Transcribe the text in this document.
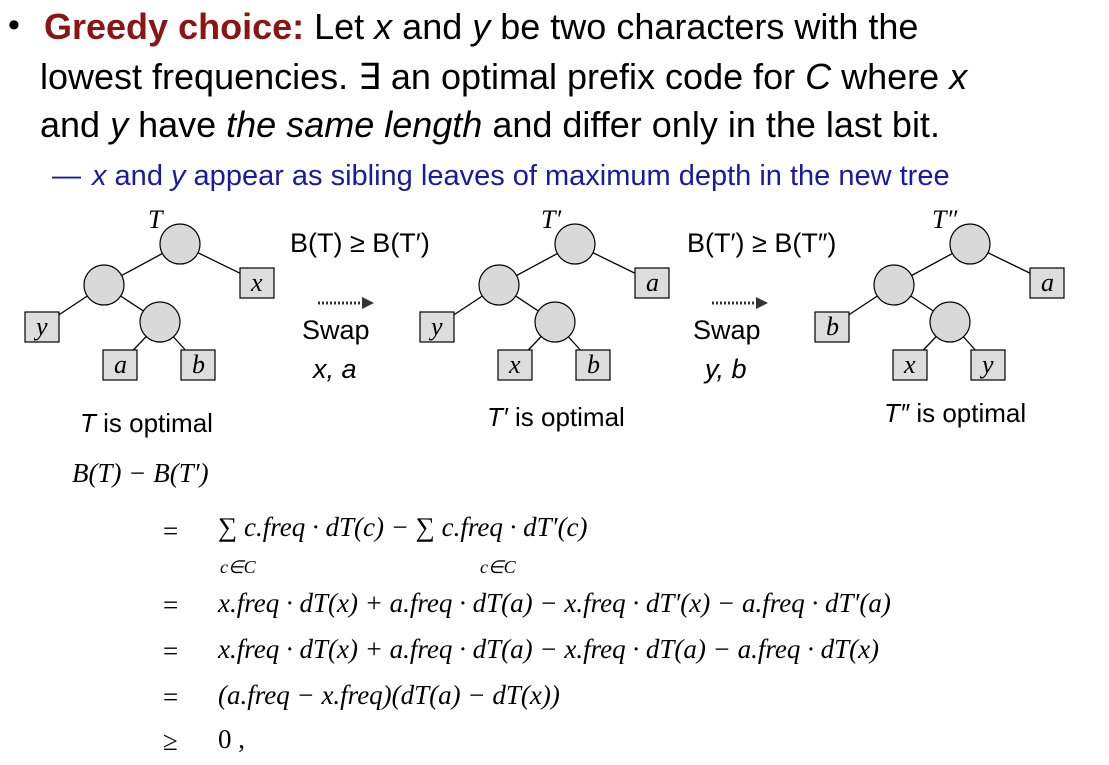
• Greedy choice: Let x and y be two characters with the
lowest frequencies. ∃ an optimal prefix code for C where x
and y have the same length and differ only in the last bit.
— x and y appear as sibling leaves of maximum depth in the new tree
T
x
y
a	b
T′
a
y
x	b
T″
a
b
x	y
B(T) ≥ B(T′)
Swap
x, a
B(T′) ≥ B(T″)
Swap
y, b
T is optimal	T′ is optimal	T″ is optimal
B(T) − B(T′)
= ∑ c.freq · dT(c) − ∑ c.freq · dT′(c)
c∈C	c∈C
= x.freq · dT(x) + a.freq · dT(a) − x.freq · dT′(x) − a.freq · dT′(a)
= x.freq · dT(x) + a.freq · dT(a) − x.freq · dT(a) − a.freq · dT(x)
= (a.freq − x.freq)(dT(a) − dT(x))
≥ 0 ,
